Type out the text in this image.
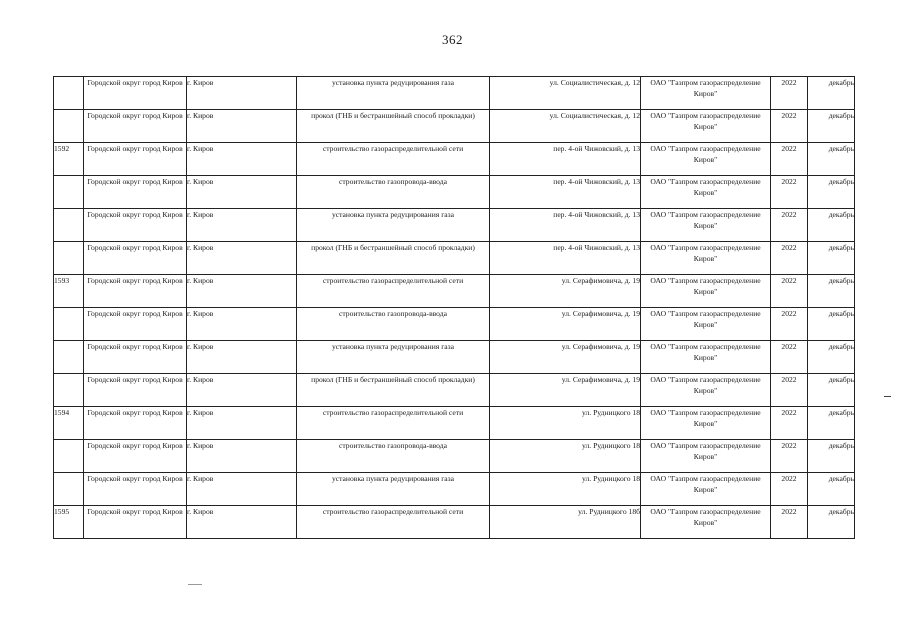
362
	Городской округ город Киров	г. Киров	установка пункта редуцирования газа	ул. Социалистическая, д. 12	ОАО "Газпром газораспределение Киров"	2022	декабрь
	Городской округ город Киров	г. Киров	прокол (ГНБ и бестраншейный способ прокладки)	ул. Социалистическая, д. 12	ОАО "Газпром газораспределение Киров"	2022	декабрь
1592	Городской округ город Киров	г. Киров	строительство газораспределительной сети	пер. 4-ой Чижовский, д. 13	ОАО "Газпром газораспределение Киров"	2022	декабрь
	Городской округ город Киров	г. Киров	строительство газопровода-ввода	пер. 4-ой Чижовский, д. 13	ОАО "Газпром газораспределение Киров"	2022	декабрь
	Городской округ город Киров	г. Киров	установка пункта редуцирования газа	пер. 4-ой Чижовский, д. 13	ОАО "Газпром газораспределение Киров"	2022	декабрь
	Городской округ город Киров	г. Киров	прокол (ГНБ и бестраншейный способ прокладки)	пер. 4-ой Чижовский, д. 13	ОАО "Газпром газораспределение Киров"	2022	декабрь
1593	Городской округ город Киров	г. Киров	строительство газораспределительной сети	ул. Серафимовича, д. 19	ОАО "Газпром газораспределение Киров"	2022	декабрь
	Городской округ город Киров	г. Киров	строительство газопровода-ввода	ул. Серафимовича, д. 19	ОАО "Газпром газораспределение Киров"	2022	декабрь
	Городской округ город Киров	г. Киров	установка пункта редуцирования газа	ул. Серафимовича, д. 19	ОАО "Газпром газораспределение Киров"	2022	декабрь
	Городской округ город Киров	г. Киров	прокол (ГНБ и бестраншейный способ прокладки)	ул. Серафимовича, д. 19	ОАО "Газпром газораспределение Киров"	2022	декабрь
1594	Городской округ город Киров	г. Киров	строительство газораспределительной сети	ул. Рудницкого 18	ОАО "Газпром газораспределение Киров"	2022	декабрь
	Городской округ город Киров	г. Киров	строительство газопровода-ввода	ул. Рудницкого 18	ОАО "Газпром газораспределение Киров"	2022	декабрь
	Городской округ город Киров	г. Киров	установка пункта редуцирования газа	ул. Рудницкого 18	ОАО "Газпром газораспределение Киров"	2022	декабрь
1595	Городской округ город Киров	г. Киров	строительство газораспределительной сети	ул. Рудницкого 18б	ОАО "Газпром газораспределение Киров"	2022	декабрь
